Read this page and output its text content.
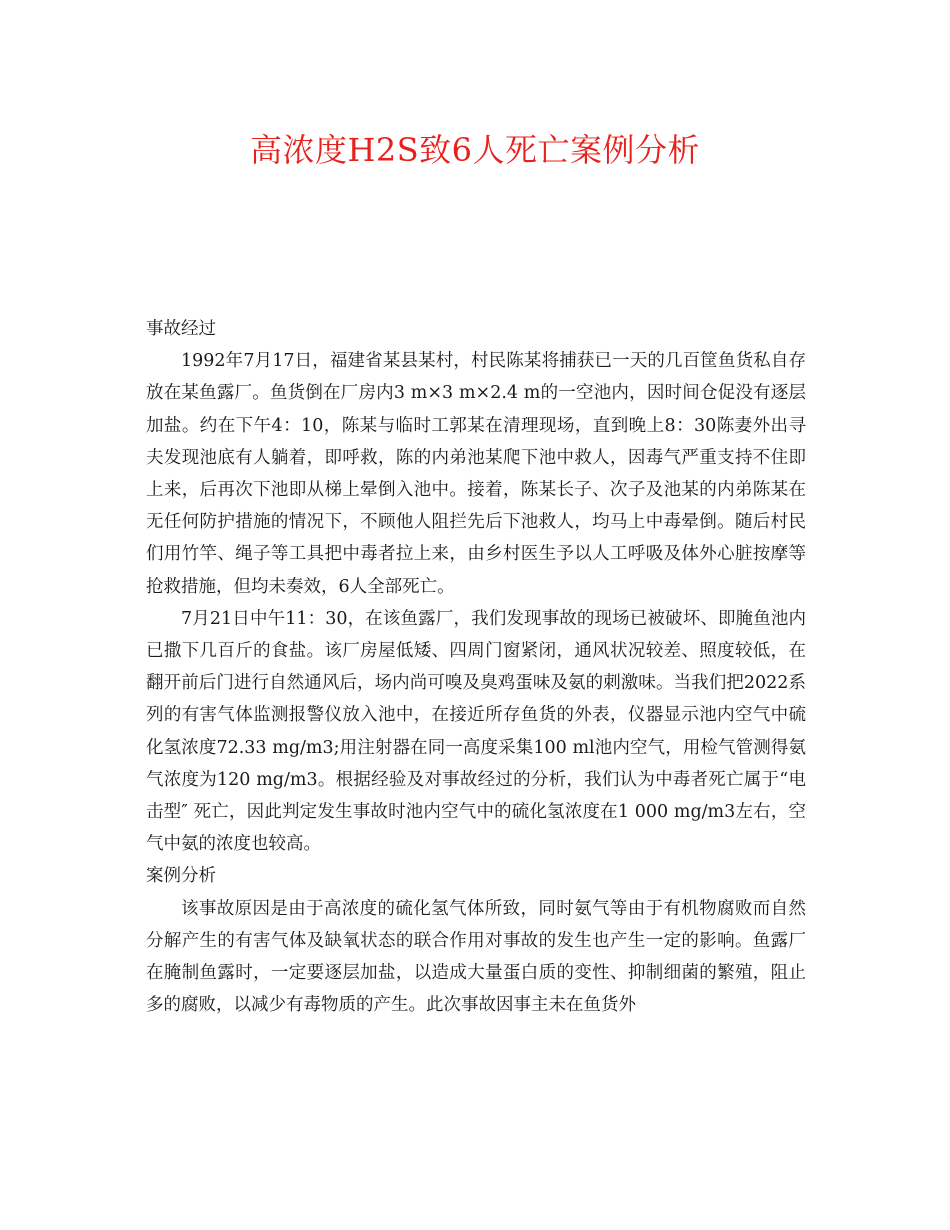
高浓度H2S致6人死亡案例分析
事故经过

1992年7月17日，福建省某县某村，村民陈某将捕获已一天的几百筐鱼货私自存放在某鱼露厂。鱼货倒在厂房内3 m×3 m×2.4 m的一空池内，因时间仓促没有逐层加盐。约在下午4：10，陈某与临时工郭某在清理现场，直到晚上8：30陈妻外出寻夫发现池底有人躺着，即呼救，陈的内弟池某爬下池中救人，因毒气严重支持不住即上来，后再次下池即从梯上晕倒入池中。接着，陈某长子、次子及池某的内弟陈某在无任何防护措施的情况下，不顾他人阻拦先后下池救人，均马上中毒晕倒。随后村民们用竹竿、绳子等工具把中毒者拉上来，由乡村医生予以人工呼吸及体外心脏按摩等抢救措施，但均未奏效，6人全部死亡。

7月21日中午11：30，在该鱼露厂，我们发现事故的现场已被破坏、即腌鱼池内已撒下几百斤的食盐。该厂房屋低矮、四周门窗紧闭，通风状况较差、照度较低，在翻开前后门进行自然通风后，场内尚可嗅及臭鸡蛋味及氨的刺激味。当我们把2022系列的有害气体监测报警仪放入池中，在接近所存鱼货的外表，仪器显示池内空气中硫化氢浓度72.33 mg/m3;用注射器在同一高度采集100 ml池内空气，用检气管测得氨气浓度为120 mg/m3。根据经验及对事故经过的分析，我们认为中毒者死亡属于“电击型″ 死亡，因此判定发生事故时池内空气中的硫化氢浓度在1 000 mg/m3左右，空气中氨的浓度也较高。

案例分析

该事故原因是由于高浓度的硫化氢气体所致，同时氨气等由于有机物腐败而自然分解产生的有害气体及缺氧状态的联合作用对事故的发生也产生一定的影响。鱼露厂在腌制鱼露时，一定要逐层加盐，以造成大量蛋白质的变性、抑制细菌的繁殖，阻止多的腐败，以减少有毒物质的产生。此次事故因事主未在鱼货外
